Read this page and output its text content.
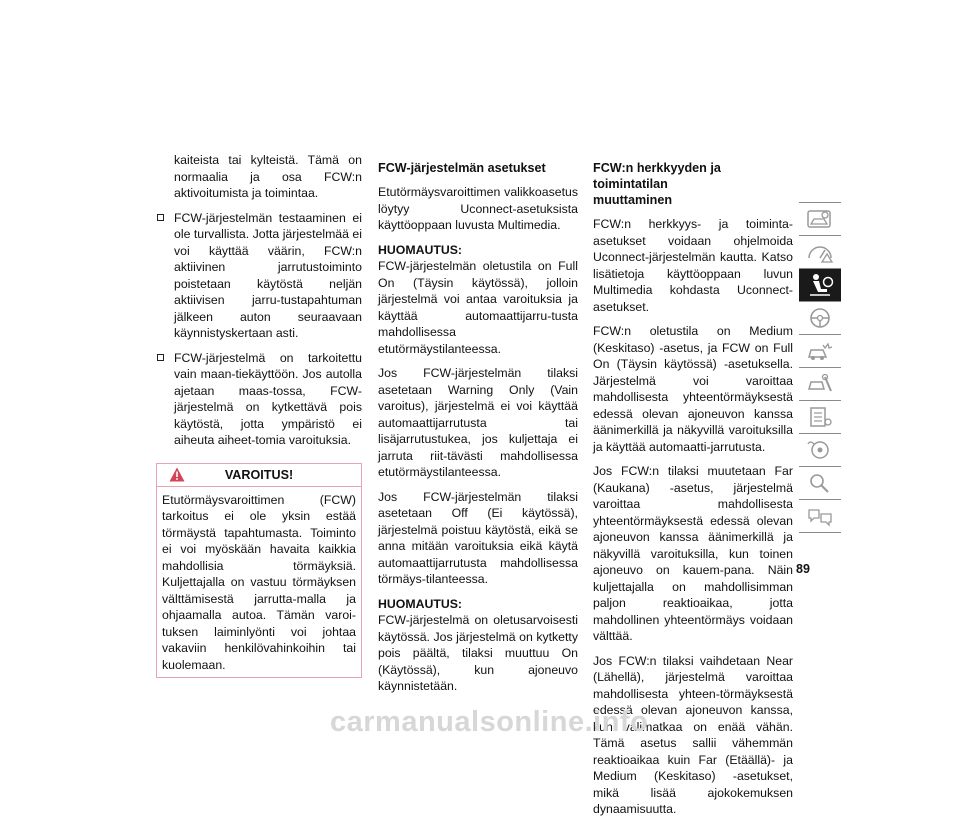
kaiteista tai kylteistä. Tämä on normaalia ja osa FCW:n aktivoitumista ja toimintaa.

FCW-järjestelmän testaaminen ei ole turvallista. Jotta järjestelmää ei voi käyttää väärin, FCW:n aktiivinen jarrutustoiminto poistetaan käytöstä neljän aktiivisen jarru-tustapahtuman jälkeen auton seuraavaan käynnistyskertaan asti.
FCW-järjestelmä on tarkoitettu vain maan-tiekäyttöön. Jos autolla ajetaan maas-tossa, FCW-järjestelmä on kytkettävä pois käytöstä, jotta ympäristö ei aiheuta aiheet-tomia varoituksia.
VAROITUS!
Etutörmäysvaroittimen (FCW) tarkoitus ei ole yksin estää törmäystä tapahtumasta. Toiminto ei voi myöskään havaita kaikkia mahdollisia törmäyksiä. Kuljettajalla on vastuu törmäyksen välttämisestä jarrutta-malla ja ohjaamalla autoa. Tämän varoi-tuksen laiminlyönti voi johtaa vakaviin henkilövahinkoihin tai kuolemaan.
FCW-järjestelmän asetukset

Etutörmäysvaroittimen valikkoasetus löytyy Uconnect-asetuksista käyttöoppaan luvusta Multimedia.

HUOMAUTUS:
FCW-järjestelmän oletustila on Full On (Täysin käytössä), jolloin järjestelmä voi antaa varoituksia ja käyttää automaattijarru-tusta mahdollisessa etutörmäystilanteessa.

Jos FCW-järjestelmän tilaksi asetetaan Warning Only (Vain varoitus), järjestelmä ei voi käyttää automaattijarrutusta tai lisäjarrutustukea, jos kuljettaja ei jarruta riit-tävästi mahdollisessa etutörmäystilanteessa.

Jos FCW-järjestelmän tilaksi asetetaan Off (Ei käytössä), järjestelmä poistuu käytöstä, eikä se anna mitään varoituksia eikä käytä automaattijarrutusta mahdollisessa törmäys-tilanteessa.

HUOMAUTUS:
FCW-järjestelmä on oletusarvoisesti käytössä. Jos järjestelmä on kytketty pois päältä, tilaksi muuttuu On (Käytössä), kun ajoneuvo käynnistetään.

FCW:n herkkyyden ja toimintatilan
muuttaminen

FCW:n herkkyys- ja toiminta-asetukset voidaan ohjelmoida Uconnect-järjestelmän kautta. Katso lisätietoja käyttöoppaan luvun Multimedia kohdasta Uconnect-asetukset.

FCW:n oletustila on Medium (Keskitaso) -asetus, ja FCW on Full On (Täysin käytössä) -asetuksella. Järjestelmä voi varoittaa mahdollisesta yhteentörmäyksestä edessä olevan ajoneuvon kanssa äänimerkillä ja näkyvillä varoituksilla ja käyttää automaatti-jarrutusta.

Jos FCW:n tilaksi muutetaan Far (Kaukana) -asetus, järjestelmä varoittaa mahdollisesta yhteentörmäyksestä edessä olevan ajoneuvon kanssa äänimerkillä ja näkyvillä varoituksilla, kun toinen ajoneuvo on kauem-pana. Näin kuljettajalla on mahdollisimman paljon reaktioaikaa, jotta mahdollinen yhteentörmäys voidaan välttää.

Jos FCW:n tilaksi vaihdetaan Near (Lähellä), järjestelmä varoittaa mahdollisesta yhteen-törmäyksestä edessä olevan ajoneuvon kanssa, kun välimatkaa on enää vähän. Tämä asetus sallii vähemmän reaktioaikaa kuin Far (Etäällä)- ja Medium (Keskitaso) -asetukset, mikä lisää ajokokemuksen dynaamisuutta.

89
carmanualsonline.info
